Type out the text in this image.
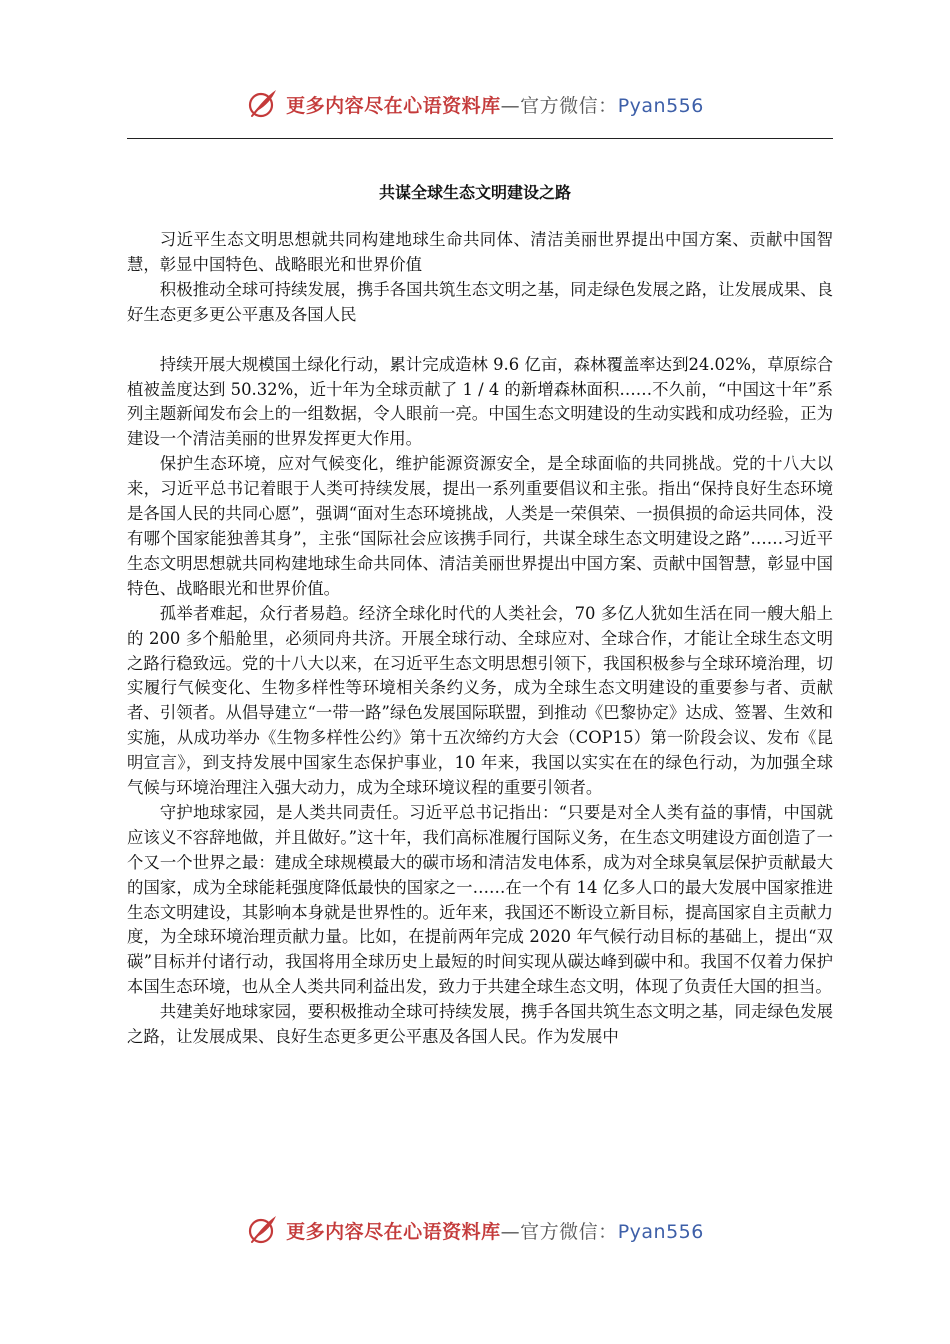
更多内容尽在心语资料库—官方微信：Pyan556
共谋全球生态文明建设之路

习近平生态文明思想就共同构建地球生命共同体、清洁美丽世界提出中国方案、贡献中国智慧，彰显中国特色、战略眼光和世界价值

积极推动全球可持续发展，携手各国共筑生态文明之基，同走绿色发展之路，让发展成果、良好生态更多更公平惠及各国人民

持续开展大规模国土绿化行动，累计完成造林 9.6 亿亩，森林覆盖率达到24.02%，草原综合植被盖度达到 50.32%，近十年为全球贡献了 1 / 4 的新增森林面积……不久前，“中国这十年”系列主题新闻发布会上的一组数据，令人眼前一亮。中国生态文明建设的生动实践和成功经验，正为建设一个清洁美丽的世界发挥更大作用。

保护生态环境，应对气候变化，维护能源资源安全，是全球面临的共同挑战。党的十八大以来，习近平总书记着眼于人类可持续发展，提出一系列重要倡议和主张。指出“保持良好生态环境是各国人民的共同心愿”，强调“面对生态环境挑战，人类是一荣俱荣、一损俱损的命运共同体，没有哪个国家能独善其身”，主张“国际社会应该携手同行，共谋全球生态文明建设之路”……习近平生态文明思想就共同构建地球生命共同体、清洁美丽世界提出中国方案、贡献中国智慧，彰显中国特色、战略眼光和世界价值。

孤举者难起，众行者易趋。经济全球化时代的人类社会，70 多亿人犹如生活在同一艘大船上的 200 多个船舱里，必须同舟共济。开展全球行动、全球应对、全球合作，才能让全球生态文明之路行稳致远。党的十八大以来，在习近平生态文明思想引领下，我国积极参与全球环境治理，切实履行气候变化、生物多样性等环境相关条约义务，成为全球生态文明建设的重要参与者、贡献者、引领者。从倡导建立“一带一路”绿色发展国际联盟，到推动《巴黎协定》达成、签署、生效和实施，从成功举办《生物多样性公约》第十五次缔约方大会（COP15）第一阶段会议、发布《昆明宣言》，到支持发展中国家生态保护事业，10 年来，我国以实实在在的绿色行动，为加强全球气候与环境治理注入强大动力，成为全球环境议程的重要引领者。

守护地球家园，是人类共同责任。习近平总书记指出：“只要是对全人类有益的事情，中国就应该义不容辞地做，并且做好。”这十年，我们高标准履行国际义务，在生态文明建设方面创造了一个又一个世界之最：建成全球规模最大的碳市场和清洁发电体系，成为对全球臭氧层保护贡献最大的国家，成为全球能耗强度降低最快的国家之一……在一个有 14 亿多人口的最大发展中国家推进生态文明建设，其影响本身就是世界性的。近年来，我国还不断设立新目标，提高国家自主贡献力度，为全球环境治理贡献力量。比如，在提前两年完成 2020 年气候行动目标的基础上，提出“双碳”目标并付诸行动，我国将用全球历史上最短的时间实现从碳达峰到碳中和。我国不仅着力保护本国生态环境，也从全人类共同利益出发，致力于共建全球生态文明，体现了负责任大国的担当。

共建美好地球家园，要积极推动全球可持续发展，携手各国共筑生态文明之基，同走绿色发展之路，让发展成果、良好生态更多更公平惠及各国人民。作为发展中

更多内容尽在心语资料库—官方微信：Pyan556
